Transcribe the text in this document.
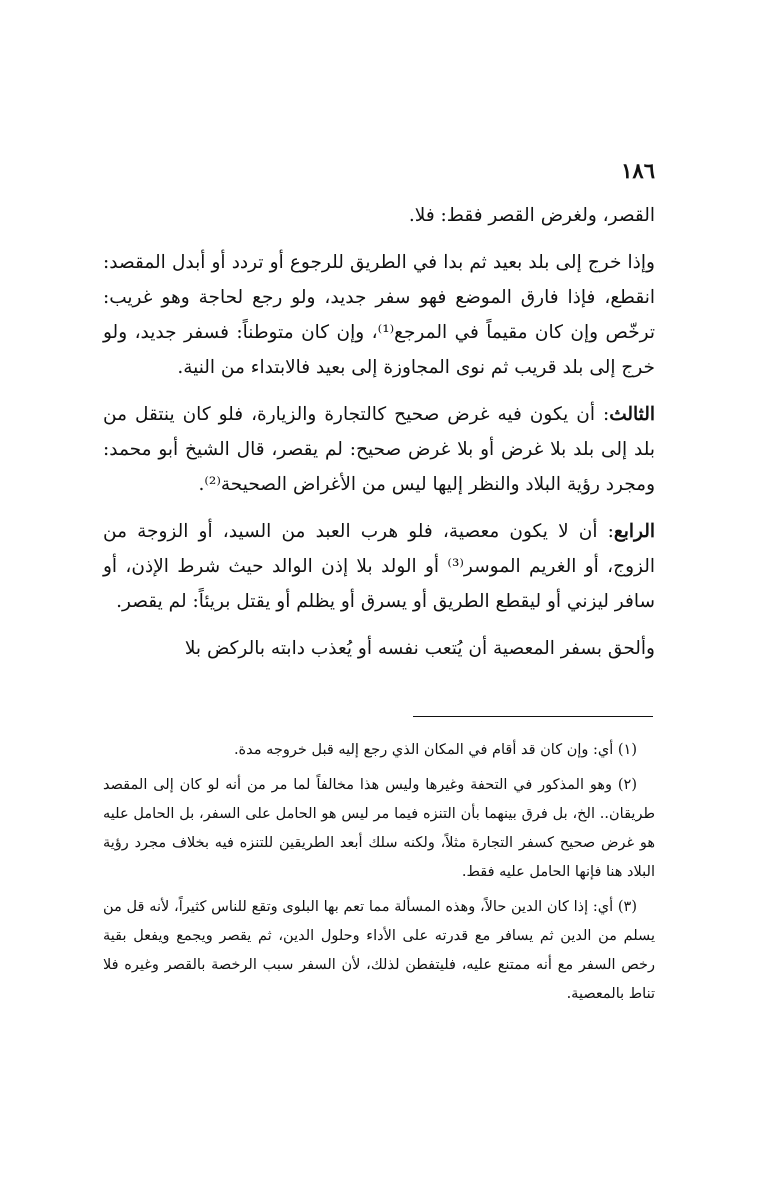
١٨٦

القصر، ولغرض القصر فقط: فلا.

وإذا خرج إلى بلد بعيد ثم بدا في الطريق للرجوع أو تردد أو أبدل المقصد: انقطع، فإذا فارق الموضع فهو سفر جديد، ولو رجع لحاجة وهو غريب: ترخّص وإن كان مقيماً في المرجع⁽¹⁾، وإن كان متوطناً: فسفر جديد، ولو خرج إلى بلد قريب ثم نوى المجاوزة إلى بعيد فالابتداء من النية.

الثالث: أن يكون فيه غرض صحيح كالتجارة والزيارة، فلو كان ينتقل من بلد إلى بلد بلا غرض أو بلا غرض صحيح: لم يقصر، قال الشيخ أبو محمد: ومجرد رؤية البلاد والنظر إليها ليس من الأغراض الصحيحة⁽²⁾.

الرابع: أن لا يكون معصية، فلو هرب العبد من السيد، أو الزوجة من الزوج، أو الغريم الموسر⁽³⁾ أو الولد بلا إذن الوالد حيث شرط الإذن، أو سافر ليزني أو ليقطع الطريق أو يسرق أو يظلم أو يقتل بريئاً: لم يقصر.

وألحق بسفر المعصية أن يُتعب نفسه أو يُعذب دابته بالركض بلا

(١) أي: وإن كان قد أقام في المكان الذي رجع إليه قبل خروجه مدة.

(٢) وهو المذكور في التحفة وغيرها وليس هذا مخالفاً لما مر من أنه لو كان إلى المقصد طريقان.. الخ، بل فرق بينهما بأن التنزه فيما مر ليس هو الحامل على السفر، بل الحامل عليه هو غرض صحيح كسفر التجارة مثلاً، ولكنه سلك أبعد الطريقين للتنزه فيه بخلاف مجرد رؤية البلاد هنا فإنها الحامل عليه فقط.

(٣) أي: إذا كان الدين حالاً، وهذه المسألة مما تعم بها البلوى وتقع للناس كثيراً، لأنه قل من يسلم من الدين ثم يسافر مع قدرته على الأداء وحلول الدين، ثم يقصر ويجمع ويفعل بقية رخص السفر مع أنه ممتنع عليه، فليتفطن لذلك، لأن السفر سبب الرخصة بالقصر وغيره فلا تناط بالمعصية.
